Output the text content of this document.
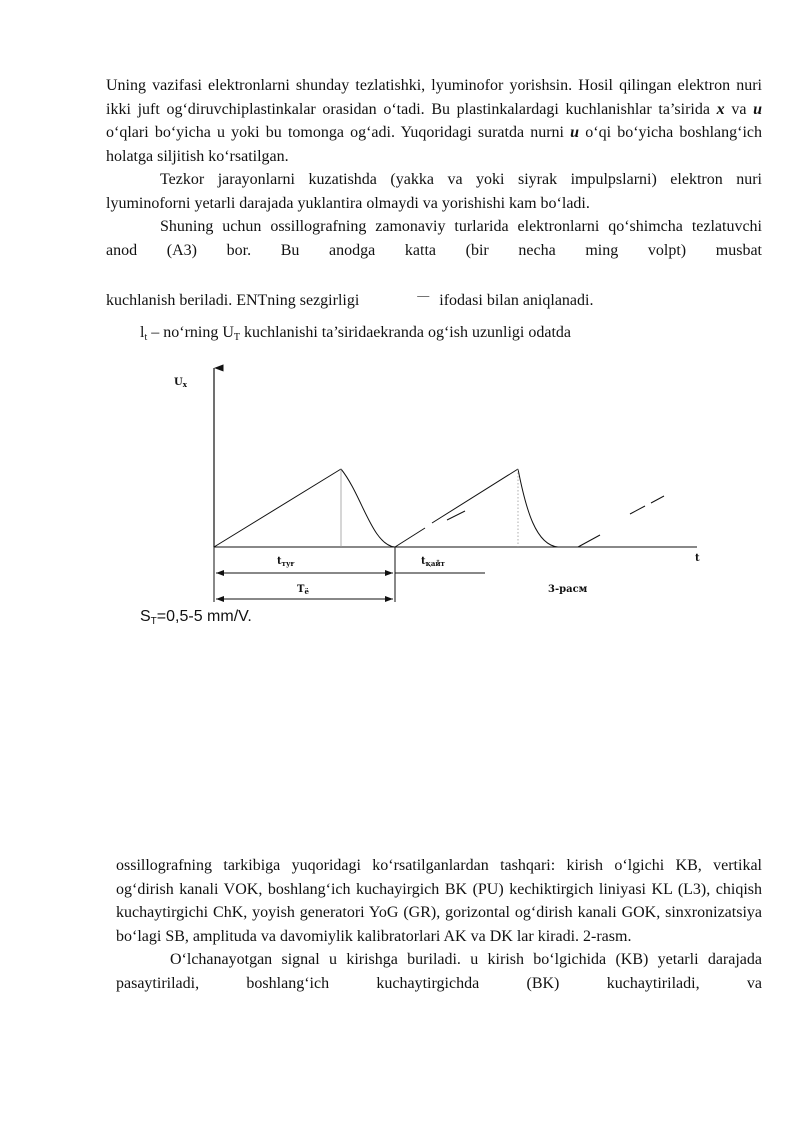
Uning vazifasi elektronlarni shunday tezlatishki, lyuminofor yorishsin. Hosil qilingan elektron nuri ikki juft og‘diruvchiplastinkalar orasidan o‘tadi. Bu plastinkalardagi kuchlanishlar ta’sirida x va u o‘qlari bo‘yicha u yoki bu tomonga og‘adi. Yuqoridagi suratda nurni u o‘qi bo‘yicha boshlang‘ich holatga siljitish ko‘rsatilgan.

Tezkor jarayonlarni kuzatishda (yakka va yoki siyrak impulpslarni) elektron nuri lyuminoforni yetarli darajada yuklantira olmaydi va yorishishi kam bo‘ladi.

Shuning uchun ossillografning zamonaviy turlarida elektronlarni qo‘shimcha tezlatuvchi anod (A3) bor. Bu anodga katta (bir necha ming volpt) musbat

kuchlanish beriladi. ENTning sezgirligi	— ifodasi bilan aniqlanadi.
$l_t$ – no‘rning $U_T$ kuchlanishi ta’siridaekranda og‘ish uzunligi odatda
$U_x$
t
$t_{туғ}$	$t_{қайт}$
$T_ё$	3-расм
$S_T=0,5-5$ mm/V.

ossillografning tarkibiga yuqoridagi ko‘rsatilganlardan tashqari: kirish o‘lgichi KB, vertikal og‘dirish kanali VOK, boshlang‘ich kuchayirgich BK (PU) kechiktirgich liniyasi KL (L3), chiqish kuchaytirgichi ChK, yoyish generatori YoG (GR), gorizontal og‘dirish kanali GOK, sinxronizatsiya bo‘lagi SB, amplituda va davomiylik kalibratorlari AK va DK lar kiradi. 2-rasm.

O‘lchanayotgan signal u kirishga buriladi. u kirish bo‘lgichida (KB) yetarli darajada pasaytiriladi, boshlang‘ich kuchaytirgichda (BK) kuchaytiriladi, va
